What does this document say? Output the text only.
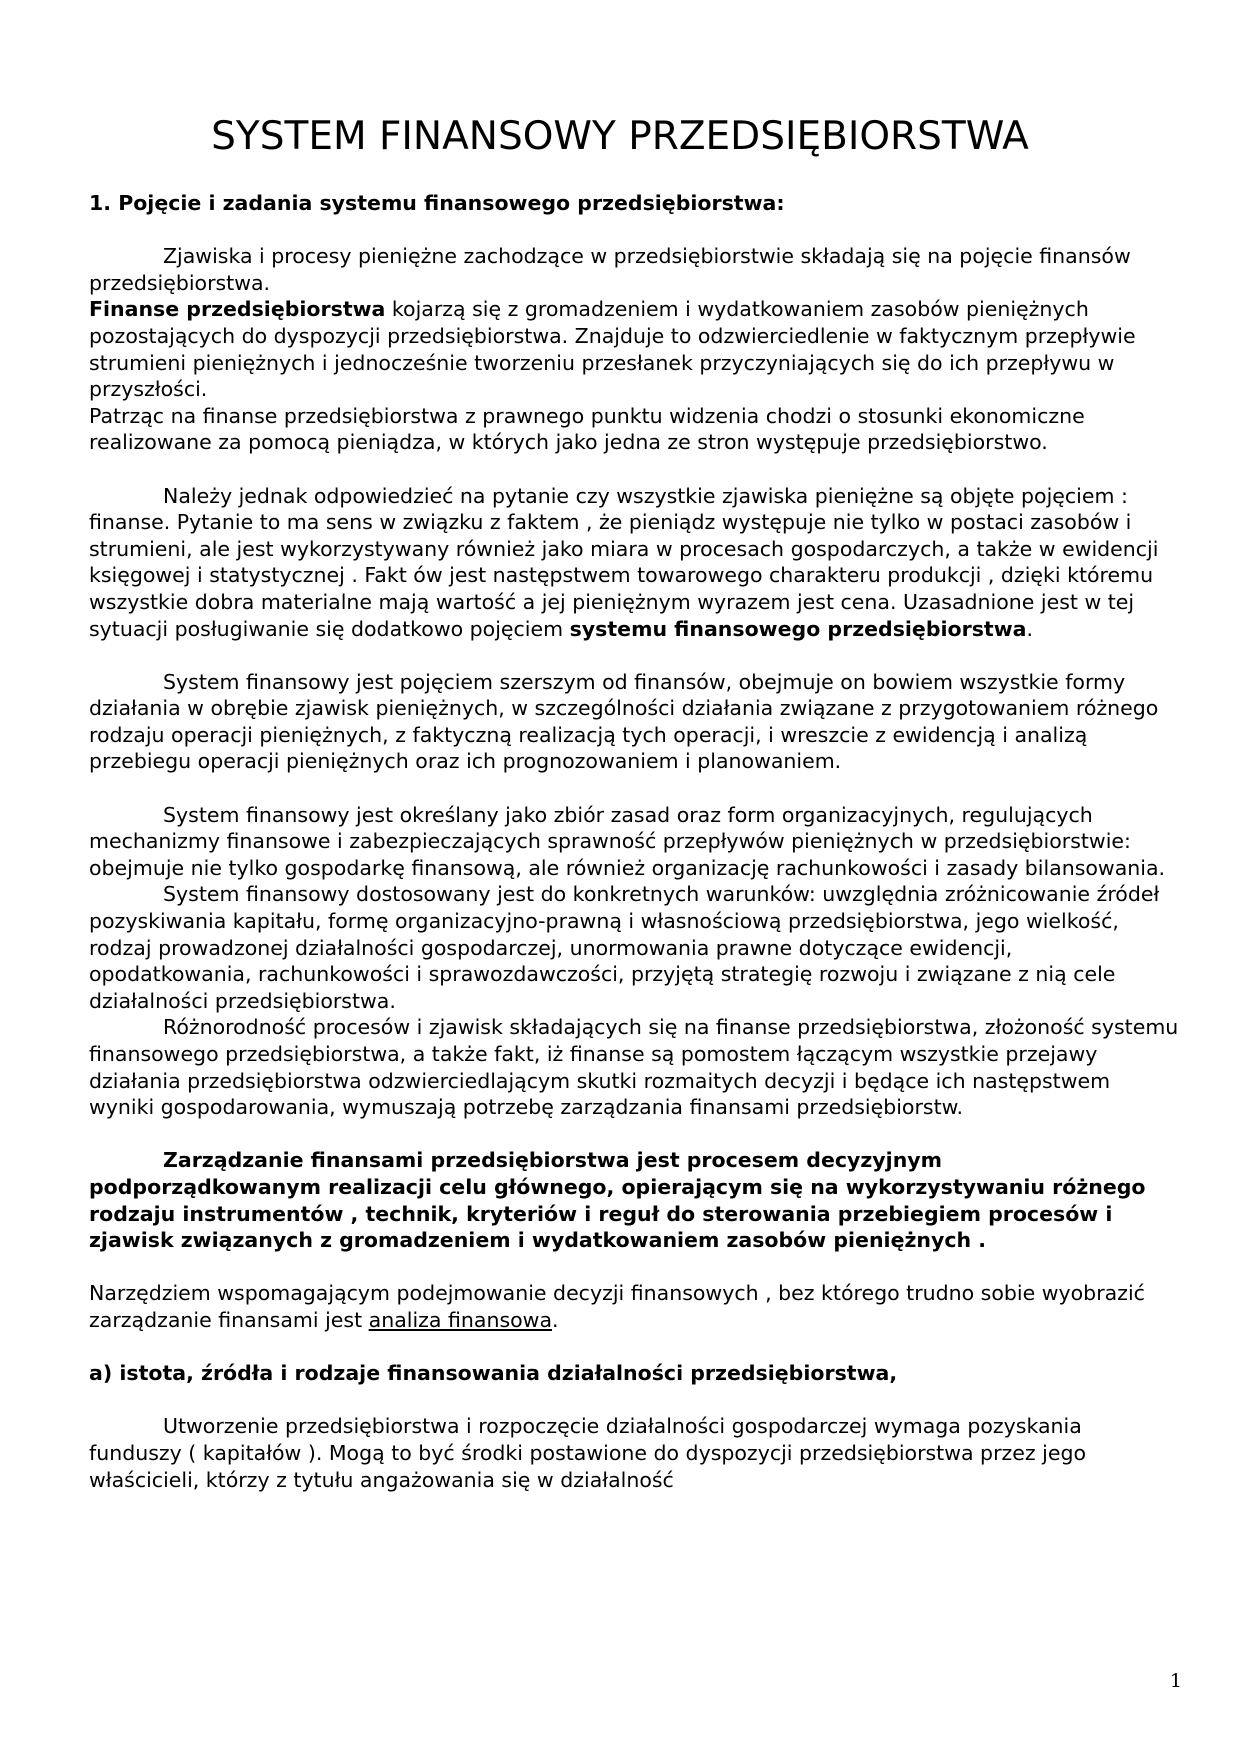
SYSTEM FINANSOWY PRZEDSIĘBIORSTWA

1. Pojęcie i zadania systemu finansowego przedsiębiorstwa:

Zjawiska i procesy pieniężne zachodzące w przedsiębiorstwie składają się na pojęcie finansów przedsiębiorstwa.

Finanse przedsiębiorstwa kojarzą się z gromadzeniem i wydatkowaniem zasobów pieniężnych pozostających do dyspozycji przedsiębiorstwa. Znajduje to odzwierciedlenie w faktycznym przepływie strumieni pieniężnych i jednocześnie tworzeniu przesłanek przyczyniających się do ich przepływu w przyszłości.

Patrząc na finanse przedsiębiorstwa z prawnego punktu widzenia chodzi o stosunki ekonomiczne realizowane za pomocą pieniądza, w których jako jedna ze stron występuje przedsiębiorstwo.

Należy jednak odpowiedzieć na pytanie czy wszystkie zjawiska pieniężne są objęte pojęciem : finanse. Pytanie to ma sens w związku z faktem , że pieniądz występuje nie tylko w postaci zasobów i strumieni, ale jest wykorzystywany również jako miara w procesach gospodarczych, a także w ewidencji księgowej i statystycznej . Fakt ów jest następstwem towarowego charakteru produkcji , dzięki któremu wszystkie dobra materialne mają wartość a jej pieniężnym wyrazem jest cena. Uzasadnione jest w tej sytuacji posługiwanie się dodatkowo pojęciem systemu finansowego przedsiębiorstwa.

System finansowy jest pojęciem szerszym od finansów, obejmuje on bowiem wszystkie formy działania w obrębie zjawisk pieniężnych, w szczególności działania związane z przygotowaniem różnego rodzaju operacji pieniężnych, z faktyczną realizacją tych operacji, i wreszcie z ewidencją i analizą przebiegu operacji pieniężnych oraz ich prognozowaniem i planowaniem.

System finansowy jest określany jako zbiór zasad oraz form organizacyjnych, regulujących mechanizmy finansowe i zabezpieczających sprawność przepływów pieniężnych w przedsiębiorstwie: obejmuje nie tylko gospodarkę finansową, ale również organizację rachunkowości i zasady bilansowania.

System finansowy dostosowany jest do konkretnych warunków: uwzględnia zróżnicowanie źródeł pozyskiwania kapitału, formę organizacyjno-prawną i własnościową przedsiębiorstwa, jego wielkość, rodzaj prowadzonej działalności gospodarczej, unormowania prawne dotyczące ewidencji, opodatkowania, rachunkowości i sprawozdawczości, przyjętą strategię rozwoju i związane z nią cele działalności przedsiębiorstwa.

Różnorodność procesów i zjawisk składających się na finanse przedsiębiorstwa, złożoność systemu finansowego przedsiębiorstwa, a także fakt, iż finanse są pomostem łączącym wszystkie przejawy działania przedsiębiorstwa odzwierciedlającym skutki rozmaitych decyzji i będące ich następstwem wyniki gospodarowania, wymuszają potrzebę zarządzania finansami przedsiębiorstw.

Zarządzanie finansami przedsiębiorstwa jest procesem decyzyjnym podporządkowanym realizacji celu głównego, opierającym się na wykorzystywaniu różnego rodzaju instrumentów , technik, kryteriów i reguł do sterowania przebiegiem procesów i zjawisk związanych z gromadzeniem i wydatkowaniem zasobów pieniężnych .

Narzędziem wspomagającym podejmowanie decyzji finansowych , bez którego trudno sobie wyobrazić zarządzanie finansami jest analiza finansowa.

a) istota, źródła i rodzaje finansowania działalności przedsiębiorstwa,

Utworzenie przedsiębiorstwa i rozpoczęcie działalności gospodarczej wymaga pozyskania funduszy ( kapitałów ). Mogą to być środki postawione do dyspozycji przedsiębiorstwa przez jego właścicieli, którzy z tytułu angażowania się w działalność

1
